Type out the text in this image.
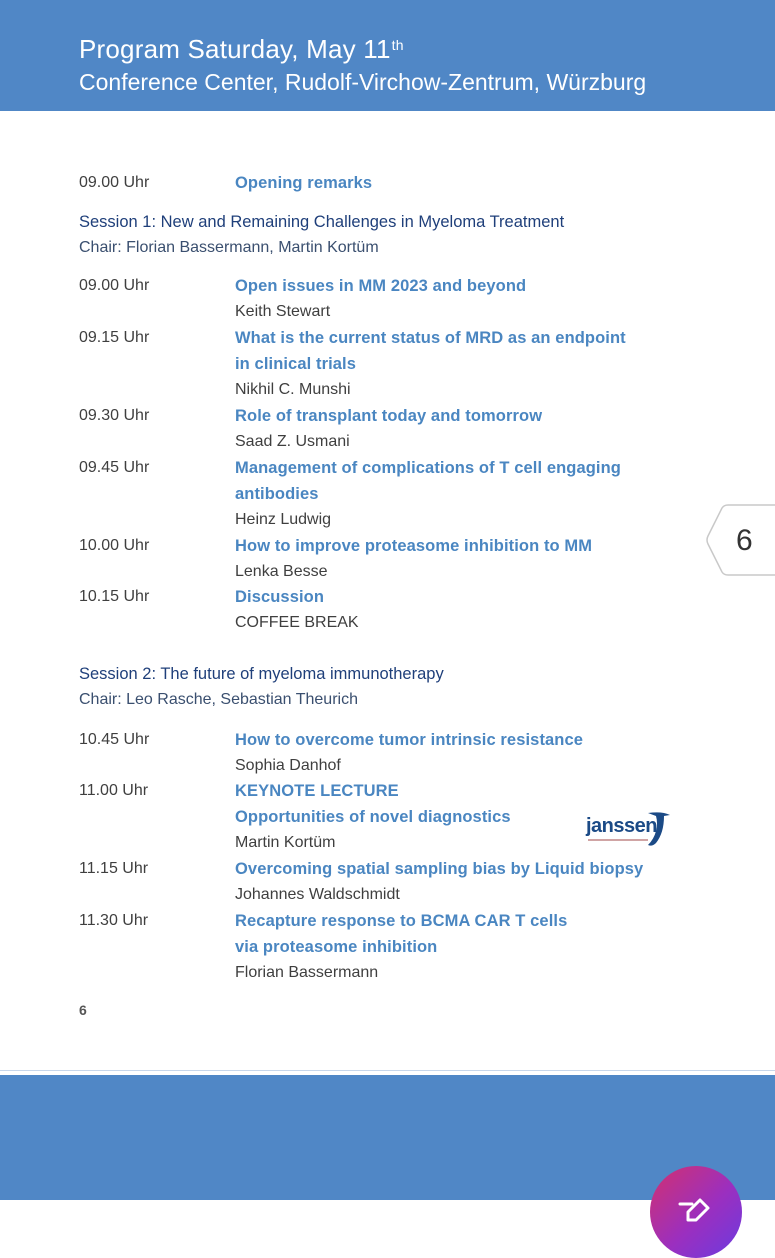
Program Saturday, May 11th
Conference Center, Rudolf-Virchow-Zentrum, Würzburg
09.00 Uhr	Opening remarks
Session 1: New and Remaining Challenges in Myeloma Treatment
Chair: Florian Bassermann, Martin Kortüm
09.00 Uhr	Open issues in MM 2023 and beyond
Keith Stewart
09.15 Uhr	What is the current status of MRD as an endpoint
in clinical trials
Nikhil C. Munshi
09.30 Uhr	Role of transplant today and tomorrow
Saad Z. Usmani
09.45 Uhr	Management of complications of T cell engaging
antibodies
Heinz Ludwig
10.00 Uhr	How to improve proteasome inhibition to MM
Lenka Besse
10.15 Uhr	Discussion
COFFEE BREAK
Session 2: The future of myeloma immunotherapy
Chair: Leo Rasche, Sebastian Theurich
10.45 Uhr	How to overcome tumor intrinsic resistance
Sophia Danhof
11.00 Uhr	KEYNOTE LECTURE
Opportunities of novel diagnostics
Martin Kortüm
11.15 Uhr	Overcoming spatial sampling bias by Liquid biopsy
Johannes Waldschmidt
11.30 Uhr	Recapture response to BCMA CAR T cells
via proteasome inhibition
Florian Bassermann
janssen
6
6
